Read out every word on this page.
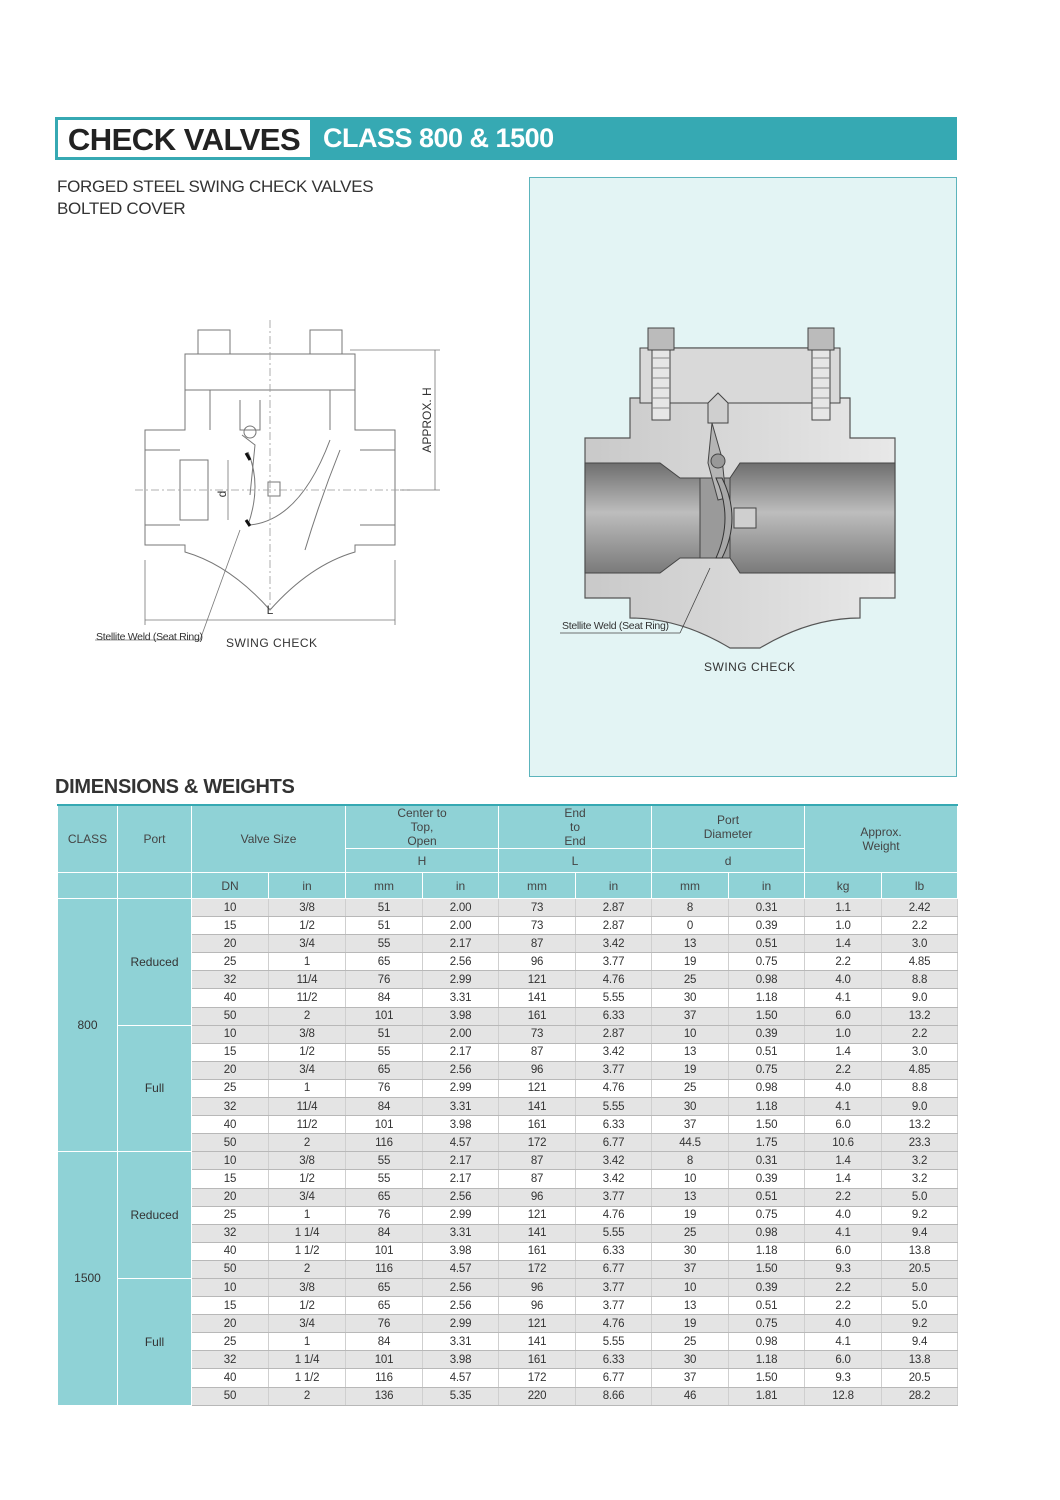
CHECK VALVES CLASS 800 & 1500
FORGED STEEL SWING CHECK VALVES
BOLTED COVER
APPROX. H
L
d
Stellite Weld (Seat Ring) SWING CHECK
Stellite Weld (Seat Ring)
SWING CHECK
DIMENSIONS & WEIGHTS
CLASS	Port	Valve Size		Center to Top, Open		End to End		Port Diameter		Approx. Weight	
				H		L		d			
		DN	in	mm	in	mm	in	mm	in	kg	lb
800	Reduced	10	3/8	51	2.00	73	2.87	8	0.31	1.1	2.42
		15	1/2	51	2.00	73	2.87	0	0.39	1.0	2.2
		20	3/4	55	2.17	87	3.42	13	0.51	1.4	3.0
		25	1	65	2.56	96	3.77	19	0.75	2.2	4.85
		32	11/4	76	2.99	121	4.76	25	0.98	4.0	8.8
		40	11/2	84	3.31	141	5.55	30	1.18	4.1	9.0
		50	2	101	3.98	161	6.33	37	1.50	6.0	13.2
	Full	10	3/8	51	2.00	73	2.87	10	0.39	1.0	2.2
		15	1/2	55	2.17	87	3.42	13	0.51	1.4	3.0
		20	3/4	65	2.56	96	3.77	19	0.75	2.2	4.85
		25	1	76	2.99	121	4.76	25	0.98	4.0	8.8
		32	11/4	84	3.31	141	5.55	30	1.18	4.1	9.0
		40	11/2	101	3.98	161	6.33	37	1.50	6.0	13.2
		50	2	116	4.57	172	6.77	44.5	1.75	10.6	23.3
1500	Reduced	10	3/8	55	2.17	87	3.42	8	0.31	1.4	3.2
		15	1/2	55	2.17	87	3.42	10	0.39	1.4	3.2
		20	3/4	65	2.56	96	3.77	13	0.51	2.2	5.0
		25	1	76	2.99	121	4.76	19	0.75	4.0	9.2
		32	1 1/4	84	3.31	141	5.55	25	0.98	4.1	9.4
		40	1 1/2	101	3.98	161	6.33	30	1.18	6.0	13.8
		50	2	116	4.57	172	6.77	37	1.50	9.3	20.5
	Full	10	3/8	65	2.56	96	3.77	10	0.39	2.2	5.0
		15	1/2	65	2.56	96	3.77	13	0.51	2.2	5.0
		20	3/4	76	2.99	121	4.76	19	0.75	4.0	9.2
		25	1	84	3.31	141	5.55	25	0.98	4.1	9.4
		32	1 1/4	101	3.98	161	6.33	30	1.18	6.0	13.8
		40	1 1/2	116	4.57	172	6.77	37	1.50	9.3	20.5
		50	2	136	5.35	220	8.66	46	1.81	12.8	28.2
